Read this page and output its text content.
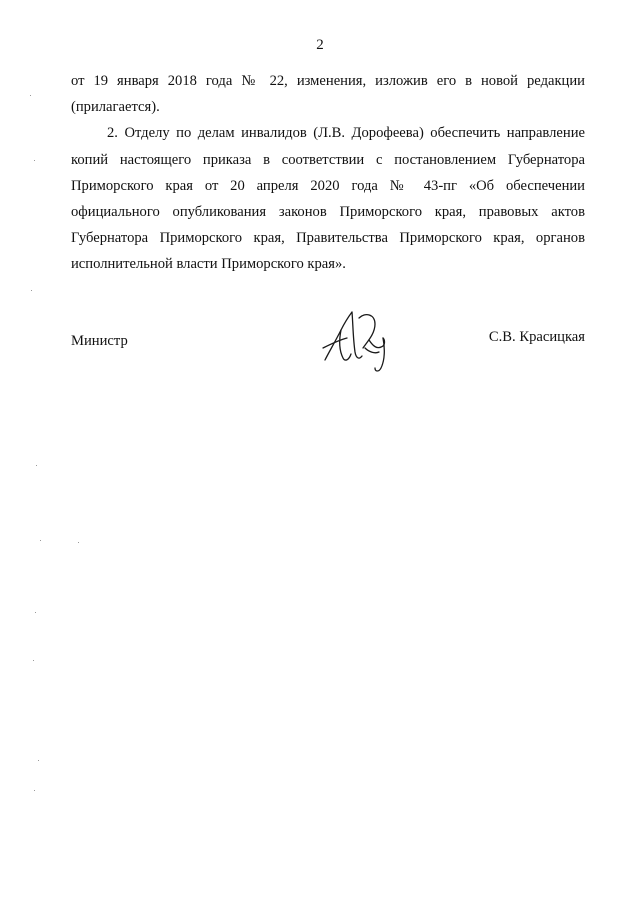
2

от 19 января 2018 года № 22, изменения, изложив его в новой редакции (прилагается).

2. Отделу по делам инвалидов (Л.В. Дорофеева) обеспечить направление копий настоящего приказа в соответствии с постановлением Губернатора Приморского края от 20 апреля 2020 года № 43-пг «Об обеспечении официального опубликования законов Приморского края, правовых актов Губернатора Приморского края, Правительства Приморского края, органов исполнительной власти Приморского края».

Министр	С.В. Красицкая
